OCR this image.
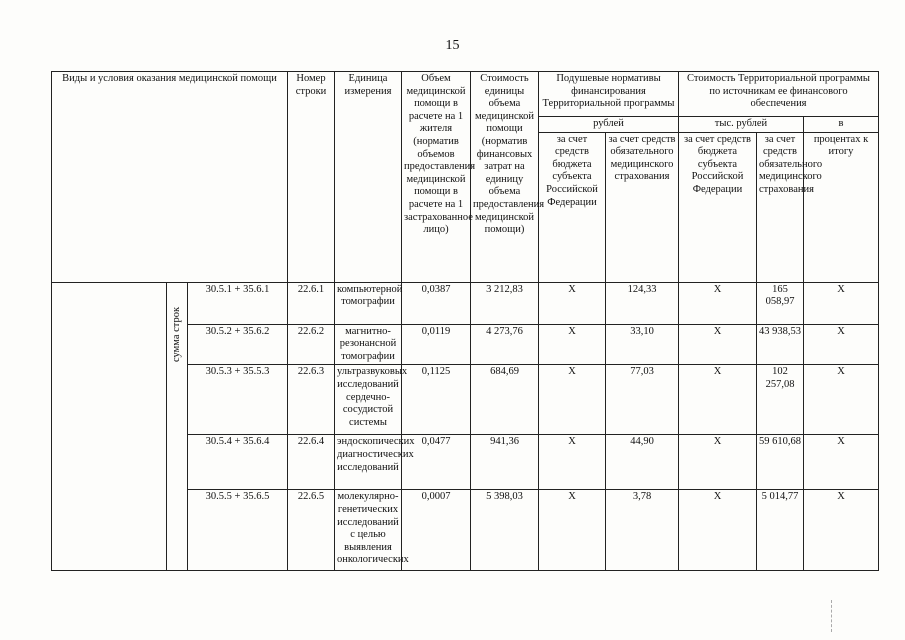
15
Виды и условия оказания медицинской помощи			Номер строки	Единица измерения	Объем медицинской помощи в расчете на 1 жителя (норматив объемов предоставления медицинской помощи в расчете на 1 застрахованное лицо)	Стоимость единицы объема медицинской помощи (норматив финансовых затрат на единицу объема предоставления медицинской помощи)	Подушевые нормативы финансирования Территориальной программы		Стоимость Территориальной программы по источникам ее финансового обеспечения		
							рублей		тыс. рублей		в
							за счет средств бюджета субъекта Российской Федерации	за счет средств обязательного медицинского страхования	за счет средств бюджета субъекта Российской Федерации	за счет средств обязательного медицинского страхования	процентах к итогу

	сумма строк	30.5.1 + 35.6.1	22.6.1	компьютерной томографии	0,0387	3 212,83	X	124,33	X	165 058,97	X
		30.5.2 + 35.6.2	22.6.2	магнитно-резонансной томографии	0,0119	4 273,76	X	33,10	X	43 938,53	X
		30.5.3 + 35.5.3	22.6.3	ультразвуковых исследований сердечно-сосудистой системы	0,1125	684,69	X	77,03	X	102 257,08	X
		30.5.4 + 35.6.4	22.6.4	эндоскопических диагностических исследований	0,0477	941,36	X	44,90	X	59 610,68	X
		30.5.5 + 35.6.5	22.6.5	молекулярно-генетических исследований с целью выявления онкологических	0,0007	5 398,03	X	3,78	X	5 014,77	X
